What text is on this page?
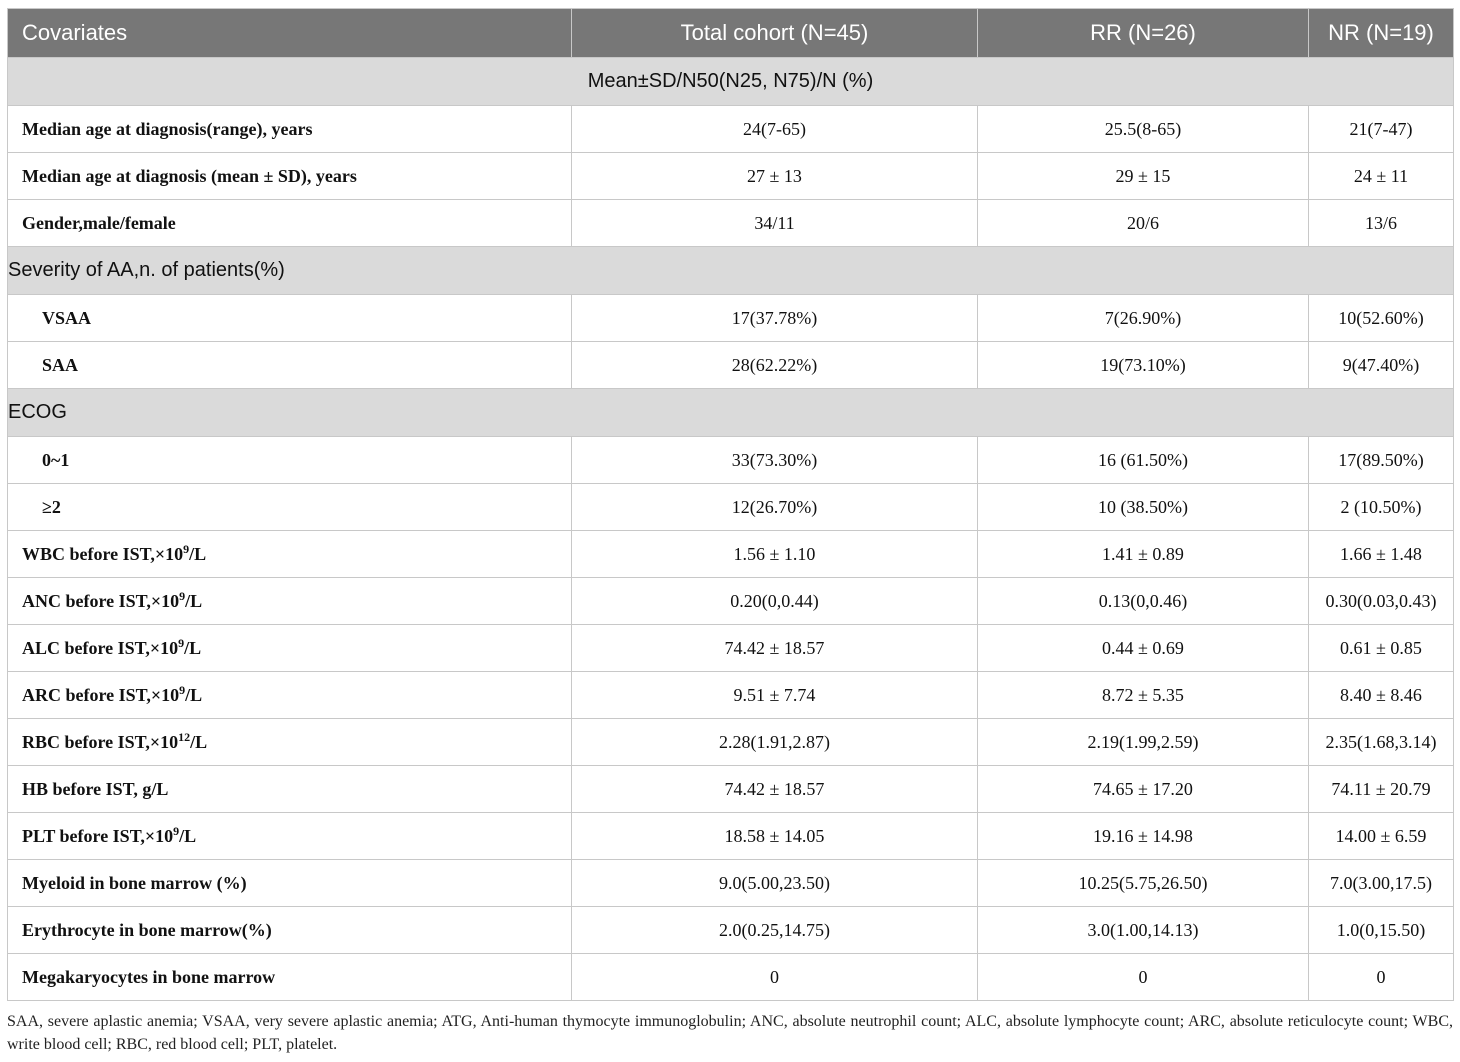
Covariates	Total cohort (N=45)	RR (N=26)	NR (N=19)
Mean±SD/N50(N25, N75)/N (%)			
Median age at diagnosis(range), years	24(7-65)	25.5(8-65)	21(7-47)
Median age at diagnosis (mean ± SD), years	27 ± 13	29 ± 15	24 ± 11
Gender,male/female	34/11	20/6	13/6
Severity of AA,n. of patients(%)			
VSAA	17(37.78%)	7(26.90%)	10(52.60%)
SAA	28(62.22%)	19(73.10%)	9(47.40%)
ECOG			
0~1	33(73.30%)	16 (61.50%)	17(89.50%)
≥2	12(26.70%)	10 (38.50%)	2 (10.50%)
WBC before $IST,\times 10^9/L$	1.56 ± 1.10	1.41 ± 0.89	1.66 ± 1.48
ANC before $IST,\times 10^9/L$	0.20(0,0.44)	0.13(0,0.46)	0.30(0.03,0.43)
ALC before $IST,\times 10^9/L$	74.42 ± 18.57	0.44 ± 0.69	0.61 ± 0.85
ARC before $IST,\times 10^9/L$	9.51 ± 7.74	8.72 ± 5.35	8.40 ± 8.46
RBC before $IST,\times 10^{12}/L$	2.28(1.91,2.87)	2.19(1.99,2.59)	2.35(1.68,3.14)
HB before IST, g/L	74.42 ± 18.57	74.65 ± 17.20	74.11 ± 20.79
PLT before $IST,\times 10^9/L$	18.58 ± 14.05	19.16 ± 14.98	14.00 ± 6.59
Myeloid in bone marrow (%)	9.0(5.00,23.50)	10.25(5.75,26.50)	7.0(3.00,17.5)
Erythrocyte in bone marrow(%)	2.0(0.25,14.75)	3.0(1.00,14.13)	1.0(0,15.50)
Megakaryocytes in bone marrow	0	0	0
SAA, severe aplastic anemia; VSAA, very severe aplastic anemia; ATG, Anti-human thymocyte immunoglobulin; ANC, absolute neutrophil count; ALC, absolute lymphocyte count; ARC, absolute reticulocyte count; WBC, write blood cell; RBC, red blood cell; PLT, platelet.
